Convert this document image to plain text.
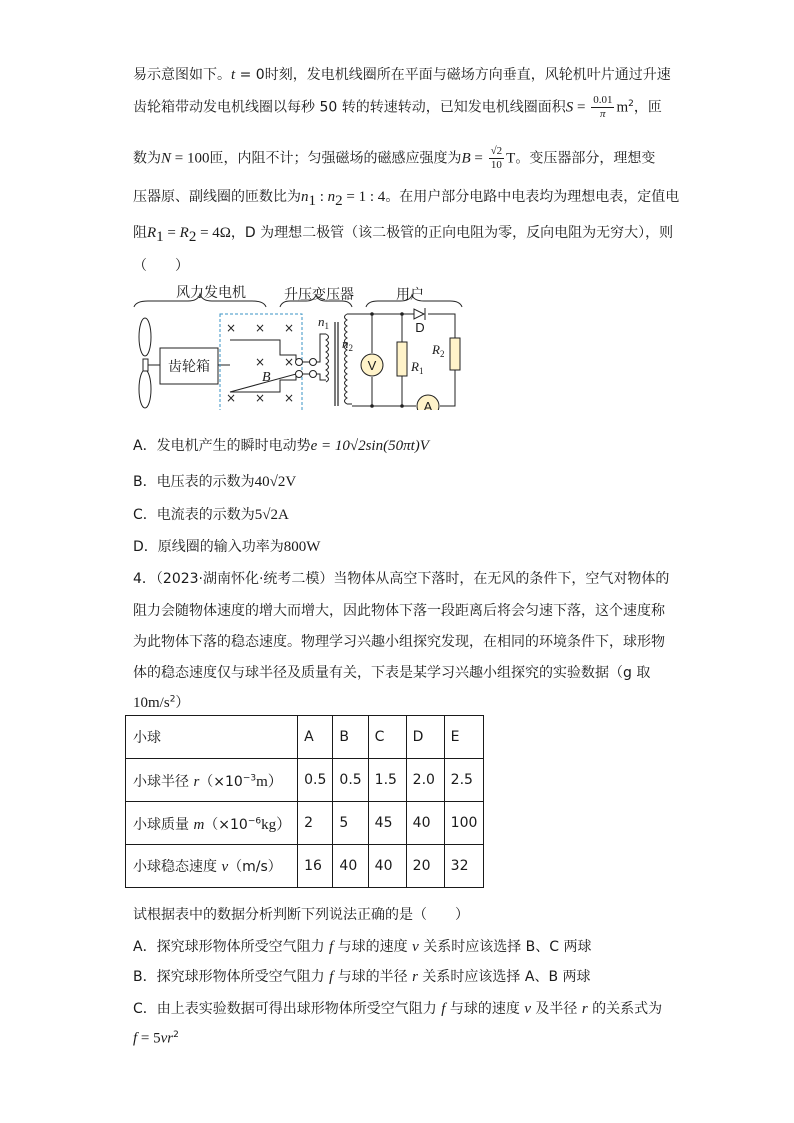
易示意图如下。t = 0时刻，发电机线圈所在平面与磁场方向垂直，风轮机叶片通过升速
齿轮箱带动发电机线圈以每秒 50 转的转速转动，已知发电机线圈面积$S = \frac{0.01}{\pi} m^2$，匝
数为N = 100匝，内阻不计；匀强磁场的磁感应强度为$B = \frac{√2}{10}$ T。变压器部分，理想变
压器原、副线圈的匝数比为$n_1$ : $n_2 = 1$ : 4。在用户部分电路中电表均为理想电表，定值电
阻$R_1 = R_2 = 4\Omega$，D 为理想二极管（该二极管的正向电阻为零，反向电阻为无穷大），则
（　　）
风力发电机	升压变压器	用户
齿轮箱
× × ×
× ×
× × ×
B
$n_1$
$n_2$
D
V	$R_1$
$R_2$
A
A．发电机产生的瞬时电动势e = 10√2sin(50πt)V
B．电压表的示数为40√2V
C．电流表的示数为5√2A
D．原线圈的输入功率为800W
4．（2023·湖南怀化·统考二模）当物体从高空下落时，在无风的条件下，空气对物体的
阻力会随物体速度的增大而增大，因此物体下落一段距离后将会匀速下落，这个速度称
为此物体下落的稳态速度。物理学习兴趣小组探究发现，在相同的环境条件下，球形物
体的稳态速度仅与球半径及质量有关，下表是某学习兴趣小组探究的实验数据（g 取
$10m/s^2$）
小球	A	B	C	D	E
小球半径 $r(\times 10^{-3}m)$	0.5	0.5	1.5	2.0	2.5
小球质量 $m(\times 10^{-6}kg)$	2	5	45	40	100
小球稳态速度 v（m/s）	16	40	40	20	32
试根据表中的数据分析判断下列说法正确的是（　　）
A．探究球形物体所受空气阻力 f 与球的速度 v 关系时应该选择 B、C 两球
B．探究球形物体所受空气阻力 f 与球的半径 r 关系时应该选择 A、B 两球
C．由上表实验数据可得出球形物体所受空气阻力 f 与球的速度 v 及半径 r 的关系式为
$f = 5vr^2$
